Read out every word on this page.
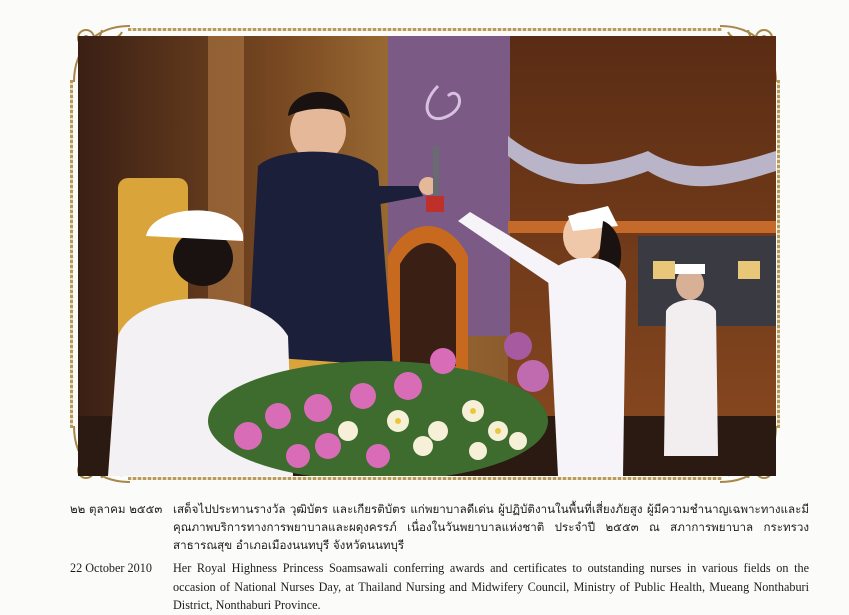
๒๒ ตุลาคม ๒๕๕๓ เสด็จไปประทานรางวัล วุฒิบัตร และเกียรติบัตร แก่พยาบาลดีเด่น ผู้ปฏิบัติงานในพื้นที่เสี่ยงภัยสูง ผู้มีความชำนาญเฉพาะทางและมีคุณภาพบริการทางการพยาบาลและผดุงครรภ์ เนื่องในวันพยาบาลแห่งชาติ ประจำปี ๒๕๕๓ ณ สภาการพยาบาล กระทรวงสาธารณสุข อำเภอเมืองนนทบุรี จังหวัดนนทบุรี
22 October 2010	Her Royal Highness Princess Soamsawali conferring awards and certificates to outstanding nurses in various fields on the occasion of National Nurses Day, at Thailand Nursing and Midwifery Council, Ministry of Public Health, Mueang Nonthaburi District, Nonthaburi Province.
